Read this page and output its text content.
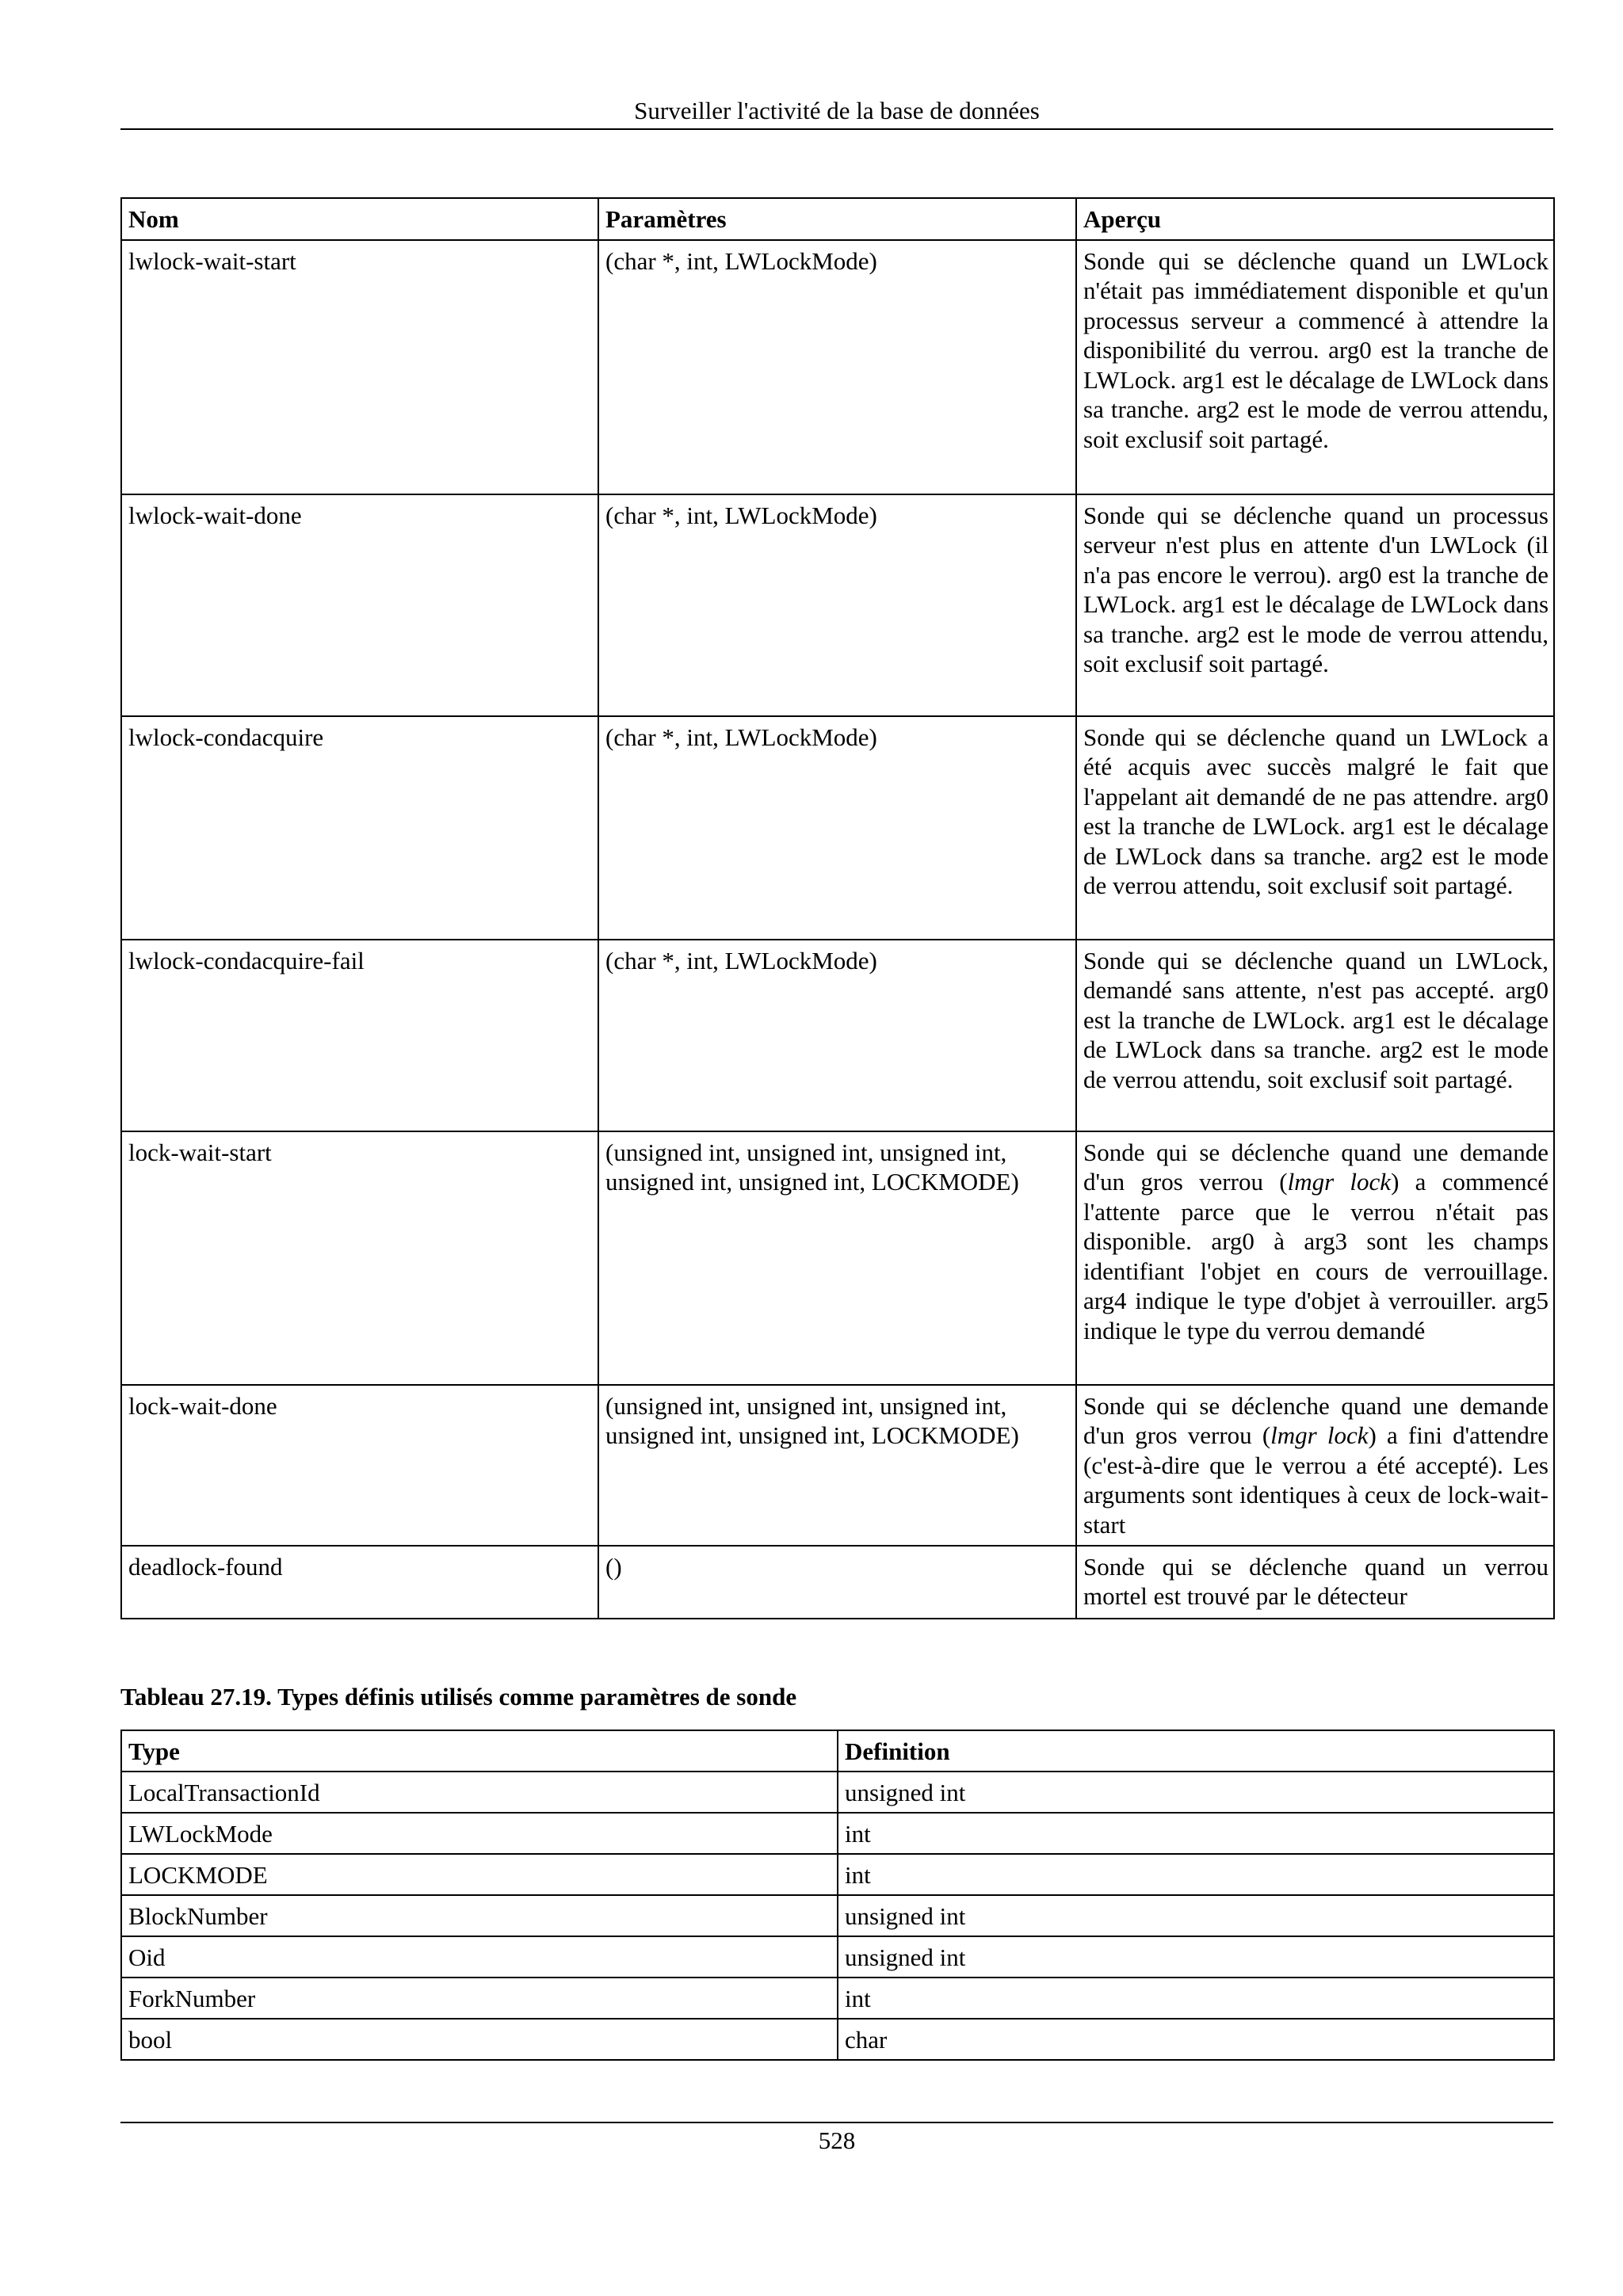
Surveiller l'activité de la base de données
Nom	Paramètres	Aperçu
lwlock-wait-start	(char *, int, LWLockMode)	Sonde qui se déclenche quand un LWLock n'était pas immédiatement disponible et qu'un processus serveur a commencé à attendre la disponibilité du verrou. arg0 est la tranche de LWLock. arg1 est le décalage de LWLock dans sa tranche. arg2 est le mode de verrou attendu, soit exclusif soit partagé.
lwlock-wait-done	(char *, int, LWLockMode)	Sonde qui se déclenche quand un processus serveur n'est plus en attente d'un LWLock (il n'a pas encore le verrou). arg0 est la tranche de LWLock. arg1 est le décalage de LWLock dans sa tranche. arg2 est le mode de verrou attendu, soit exclusif soit partagé.
lwlock-condacquire	(char *, int, LWLockMode)	Sonde qui se déclenche quand un LWLock a été acquis avec succès malgré le fait que l'appelant ait demandé de ne pas attendre. arg0 est la tranche de LWLock. arg1 est le décalage de LWLock dans sa tranche. arg2 est le mode de verrou attendu, soit exclusif soit partagé.
lwlock-condacquire-fail	(char *, int, LWLockMode)	Sonde qui se déclenche quand un LWLock, demandé sans attente, n'est pas accepté. arg0 est la tranche de LWLock. arg1 est le décalage de LWLock dans sa tranche. arg2 est le mode de verrou attendu, soit exclusif soit partagé.
lock-wait-start	(unsigned int, unsigned int, unsigned int, unsigned int, unsigned int, LOCKMODE)	Sonde qui se déclenche quand une demande d'un gros verrou (lmgr lock) a commencé l'attente parce que le verrou n'était pas disponible. arg0 à arg3 sont les champs identifiant l'objet en cours de verrouillage. arg4 indique le type d'objet à verrouiller. arg5 indique le type du verrou demandé
lock-wait-done	(unsigned int, unsigned int, unsigned int, unsigned int, unsigned int, LOCKMODE)	Sonde qui se déclenche quand une demande d'un gros verrou (lmgr lock) a fini d'attendre (c'est-à-dire que le verrou a été accepté). Les arguments sont identiques à ceux de lock-wait-start
deadlock-found	()	Sonde qui se déclenche quand un verrou mortel est trouvé par le détecteur
Tableau 27.19. Types définis utilisés comme paramètres de sonde
Type	Definition
LocalTransactionId	unsigned int
LWLockMode	int
LOCKMODE	int
BlockNumber	unsigned int
Oid	unsigned int
ForkNumber	int
bool	char
528
